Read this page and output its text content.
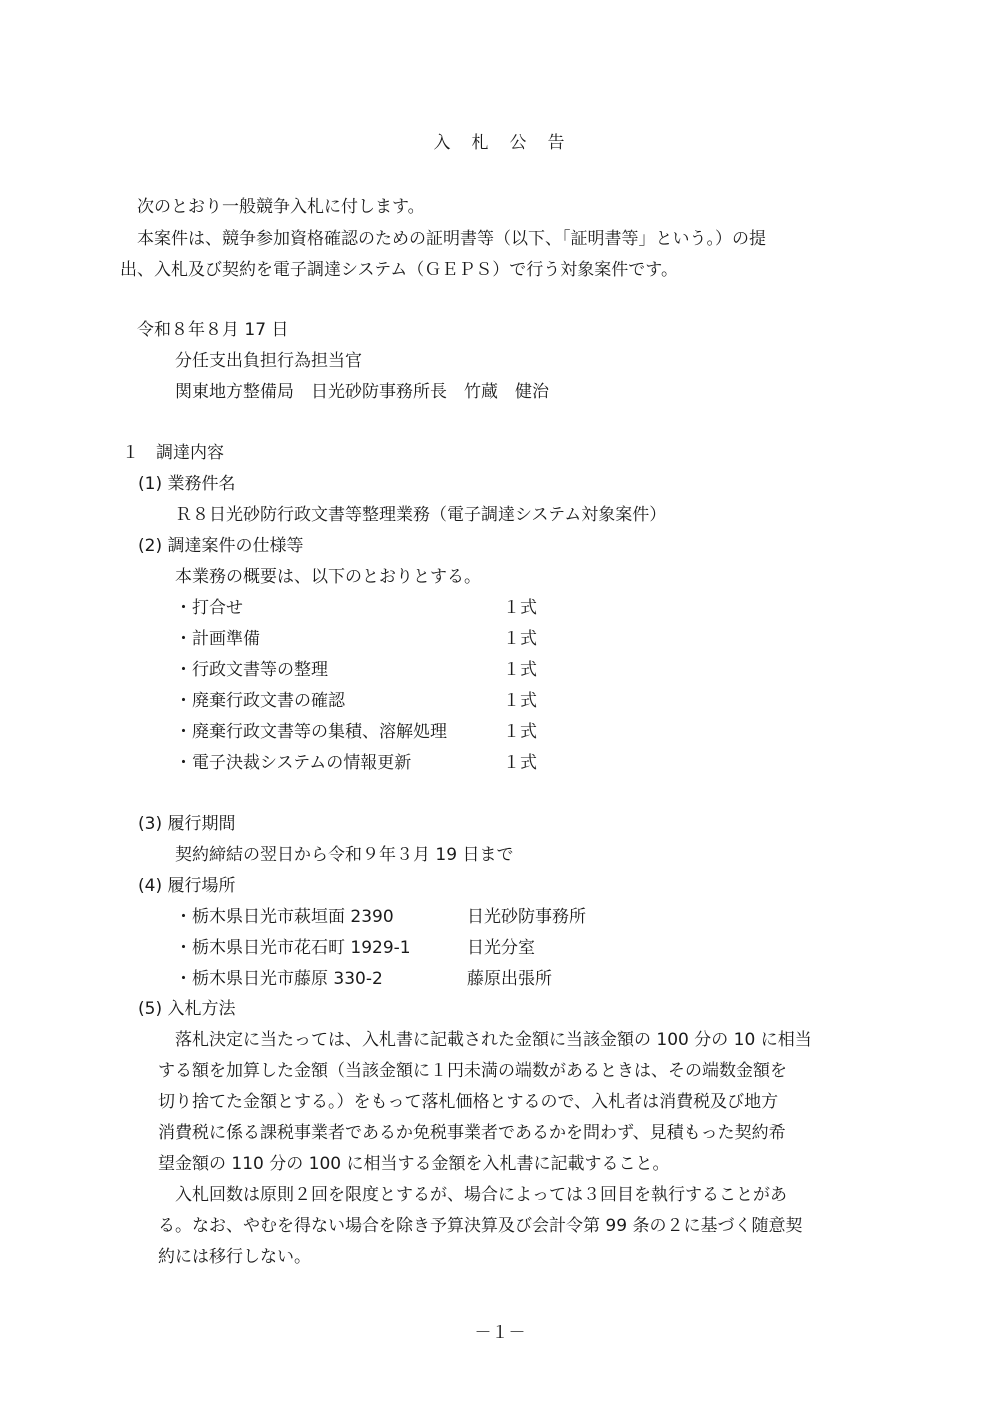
入　札　公　告
次のとおり一般競争入札に付します。
本案件は、競争参加資格確認のための証明書等（以下、「証明書等」という。）の提
出、入札及び契約を電子調達システム（ＧＥＰＳ）で行う対象案件です。
令和８年８月 17 日
分任支出負担行為担当官
関東地方整備局　日光砂防事務所長　竹蔵　健治
１　調達内容
(1) 業務件名
Ｒ８日光砂防行政文書等整理業務（電子調達システム対象案件）
(2) 調達案件の仕様等
本業務の概要は、以下のとおりとする。
・打合せ	１式
・計画準備	１式
・行政文書等の整理	１式
・廃棄行政文書の確認	１式
・廃棄行政文書等の集積、溶解処理	１式
・電子決裁システムの情報更新	１式
(3) 履行期間
契約締結の翌日から令和９年３月 19 日まで
(4) 履行場所
・栃木県日光市萩垣面 2390	日光砂防事務所
・栃木県日光市花石町 1929-1	日光分室
・栃木県日光市藤原 330-2	藤原出張所
(5) 入札方法
落札決定に当たっては、入札書に記載された金額に当該金額の 100 分の 10 に相当
する額を加算した金額（当該金額に１円未満の端数があるときは、その端数金額を
切り捨てた金額とする。）をもって落札価格とするので、入札者は消費税及び地方
消費税に係る課税事業者であるか免税事業者であるかを問わず、見積もった契約希
望金額の 110 分の 100 に相当する金額を入札書に記載すること。
入札回数は原則２回を限度とするが、場合によっては３回目を執行することがあ
る。なお、やむを得ない場合を除き予算決算及び会計令第 99 条の２に基づく随意契
約には移行しない。
－１－
